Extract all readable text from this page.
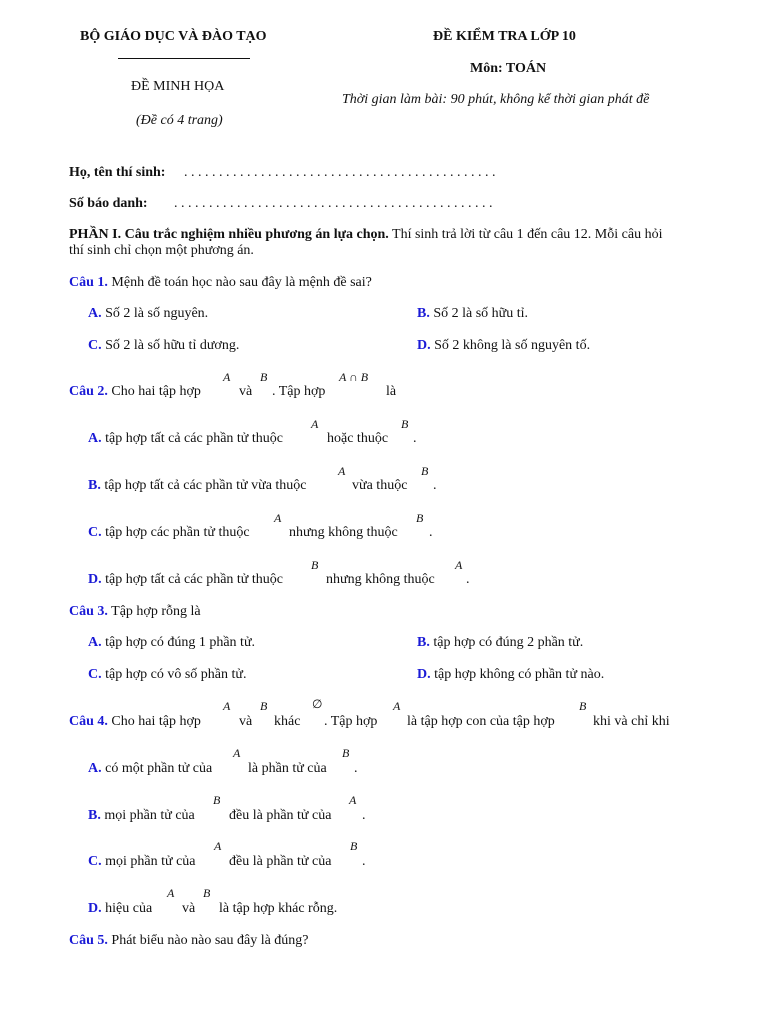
BỘ GIÁO DỤC VÀ ĐÀO TẠO
ĐỀ MINH HỌA
(Đề có 4 trang)
ĐỀ KIỂM TRA LỚP 10
Môn: TOÁN
Thời gian làm bài: 90 phút, không kể thời gian phát đề
Họ, tên thí sinh: . . . . . . . . . . . . . . . . . . . . . . . . . . . . . . . . . . . . . . . . . . . . .
Số báo danh: . . . . . . . . . . . . . . . . . . . . . . . . . . . . . . . . . . . . . . . . . . . . . .
PHẦN I. Câu trắc nghiệm nhiều phương án lựa chọn. Thí sinh trả lời từ câu 1 đến câu 12. Mỗi câu hỏi
thí sinh chỉ chọn một phương án.
Câu 1. Mệnh đề toán học nào sau đây là mệnh đề sai?
A. Số 2 là số nguyên.	B. Số 2 là số hữu tỉ.
C. Số 2 là số hữu tỉ dương.	D. Số 2 không là số nguyên tố.
Câu 2. Cho hai tập hợp
A
và
B
. Tập hợp
A ∩ B
là
A. tập hợp tất cả các phần tử thuộc
A
hoặc thuộc
B
.
B. tập hợp tất cả các phần tử vừa thuộc
A
vừa thuộc
B
.
C. tập hợp các phần tử thuộc
A
nhưng không thuộc
B
.
D. tập hợp tất cả các phần tử thuộc
B
nhưng không thuộc
A
.
Câu 3. Tập hợp rỗng là
A. tập hợp có đúng 1 phần tử.	B. tập hợp có đúng 2 phần tử.
C. tập hợp có vô số phần tử.	D. tập hợp không có phần tử nào.
Câu 4. Cho hai tập hợp
A
và
B
khác
∅
. Tập hợp
A
là tập hợp con của tập hợp
B
khi và chỉ khi
A. có một phần tử của
A
là phần tử của
B
.
B. mọi phần tử của
B
đều là phần tử của
A
.
C. mọi phần tử của
A
đều là phần tử của
B
.
D. hiệu của
A
và
B
là tập hợp khác rỗng.
Câu 5. Phát biểu nào nào sau đây là đúng?
